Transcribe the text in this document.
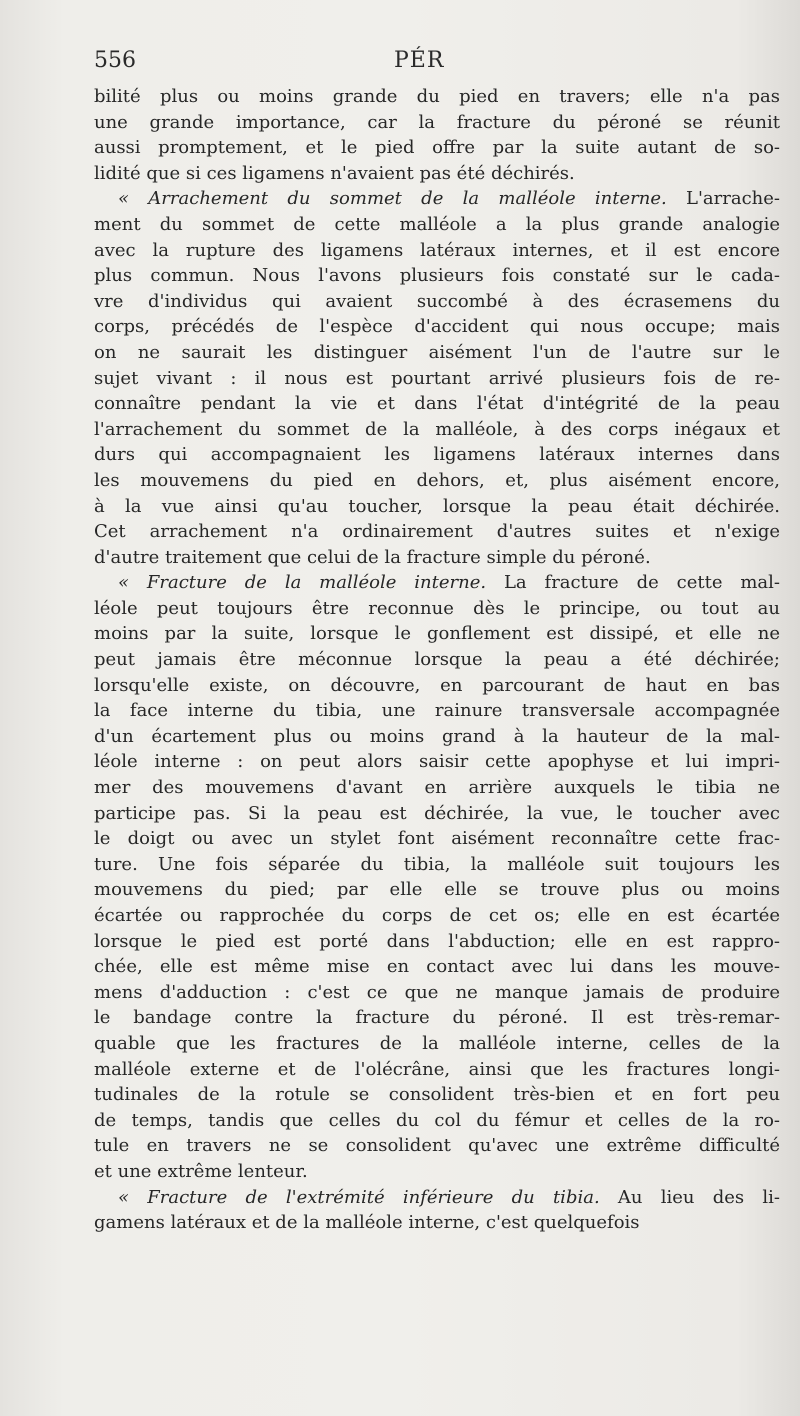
556	PÉR
bilité plus ou moins grande du pied en travers; elle n'a pas
une grande importance, car la fracture du péroné se réunit
aussi promptement, et le pied offre par la suite autant de so-
lidité que si ces ligamens n'avaient pas été déchirés.
« Arrachement du sommet de la malléole interne. L'arrache-
ment du sommet de cette malléole a la plus grande analogie
avec la rupture des ligamens latéraux internes, et il est encore
plus commun. Nous l'avons plusieurs fois constaté sur le cada-
vre d'individus qui avaient succombé à des écrasemens du
corps, précédés de l'espèce d'accident qui nous occupe; mais
on ne saurait les distinguer aisément l'un de l'autre sur le
sujet vivant : il nous est pourtant arrivé plusieurs fois de re-
connaître pendant la vie et dans l'état d'intégrité de la peau
l'arrachement du sommet de la malléole, à des corps inégaux et
durs qui accompagnaient les ligamens latéraux internes dans
les mouvemens du pied en dehors, et, plus aisément encore,
à la vue ainsi qu'au toucher, lorsque la peau était déchirée.
Cet arrachement n'a ordinairement d'autres suites et n'exige
d'autre traitement que celui de la fracture simple du péroné.
« Fracture de la malléole interne. La fracture de cette mal-
léole peut toujours être reconnue dès le principe, ou tout au
moins par la suite, lorsque le gonflement est dissipé, et elle ne
peut jamais être méconnue lorsque la peau a été déchirée;
lorsqu'elle existe, on découvre, en parcourant de haut en bas
la face interne du tibia, une rainure transversale accompagnée
d'un écartement plus ou moins grand à la hauteur de la mal-
léole interne : on peut alors saisir cette apophyse et lui impri-
mer des mouvemens d'avant en arrière auxquels le tibia ne
participe pas. Si la peau est déchirée, la vue, le toucher avec
le doigt ou avec un stylet font aisément reconnaître cette frac-
ture. Une fois séparée du tibia, la malléole suit toujours les
mouvemens du pied; par elle elle se trouve plus ou moins
écartée ou rapprochée du corps de cet os; elle en est écartée
lorsque le pied est porté dans l'abduction; elle en est rappro-
chée, elle est même mise en contact avec lui dans les mouve-
mens d'adduction : c'est ce que ne manque jamais de produire
le bandage contre la fracture du péroné. Il est très-remar-
quable que les fractures de la malléole interne, celles de la
malléole externe et de l'olécrâne, ainsi que les fractures longi-
tudinales de la rotule se consolident très-bien et en fort peu
de temps, tandis que celles du col du fémur et celles de la ro-
tule en travers ne se consolident qu'avec une extrême difficulté
et une extrême lenteur.
« Fracture de l'extrémité inférieure du tibia. Au lieu des li-
gamens latéraux et de la malléole interne, c'est quelquefois
